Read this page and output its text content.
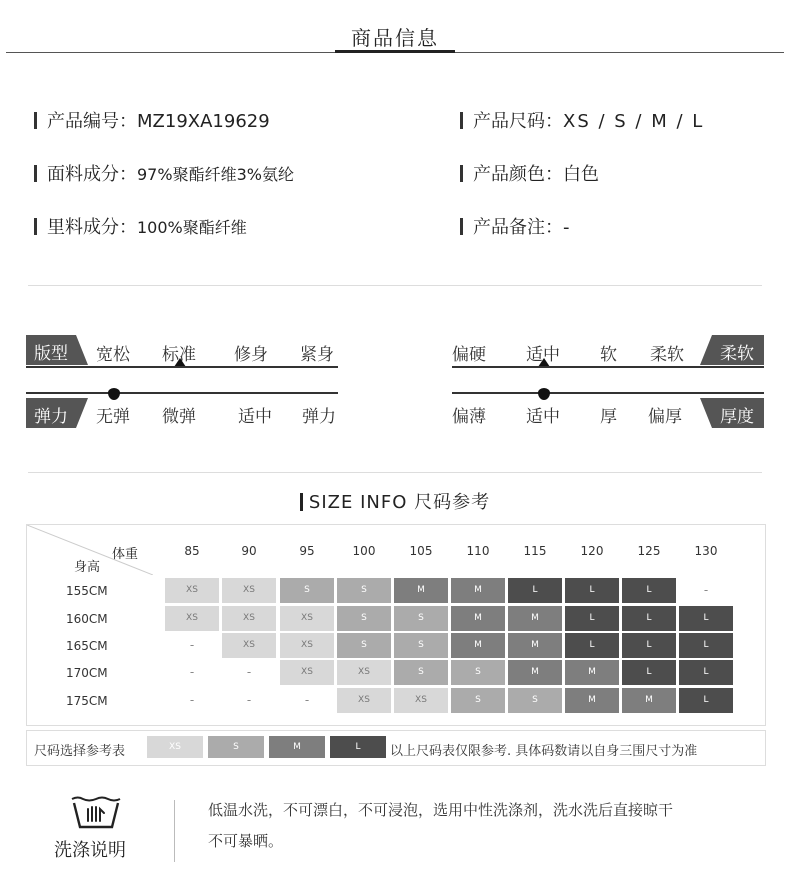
商品信息
产品编号：MZ19XA19629	产品尺码：XS / S / M / L
面料成分：97%聚酯纤维3%氨纶	产品颜色：白色
里料成分：100%聚酯纤维	产品备注：-
版型 宽松 标准 修身 紧身
弹力 无弹 微弹 适中 弹力
偏硬 适中 软 柔软 柔软
偏薄 适中 厚 偏厚 厚度
SIZE INFO 尺码参考
体重
身高
85	90	95	100	105	110	115	120	125	130
155CM	XS	XS	S	S	M	M	L	L	L	-
160CM	XS	XS	XS	S	S	M	M	L	L	L
165CM	-	XS	XS	S	S	M	M	L	L	L
170CM	-	-	XS	XS	S	S	M	M	L	L
175CM	-	-	-	XS	XS	S	S	M	M	L
尺码选择参考表	XS	S	M	L	以上尺码表仅限参考. 具体码数请以自身三围尺寸为准
洗涤说明
低温水洗，不可漂白，不可浸泡，选用中性洗涤剂，洗水洗后直接晾干
不可暴晒。
